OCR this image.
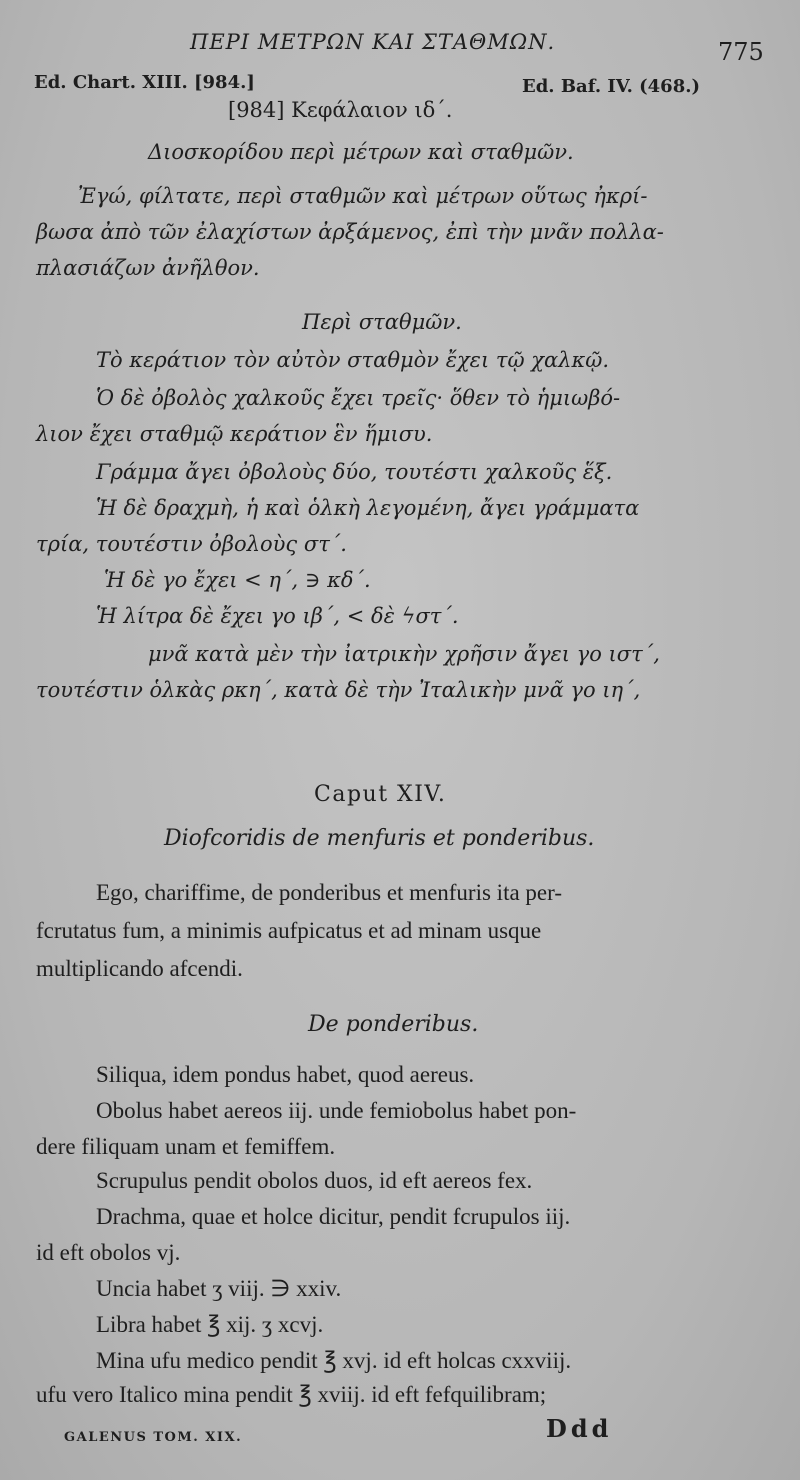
ΠΕΡΙ ΜΕΤΡΩΝ ΚΑΙ ΣΤΑΘΜΩΝ.	775
Ed. Chart. XIII. [984.]	Ed. Baf. IV. (468.)
[984] Κεφάλαιον ιδ΄.
Διοσκορίδου περὶ μέτρων καὶ σταθμῶν.
Ἐγώ, φίλτατε, περὶ σταθμῶν καὶ μέτρων οὕτως ἠκρί-
βωσα ἀπὸ τῶν ἐλαχίστων ἀρξάμενος, ἐπὶ τὴν μνᾶν πολλα-
πλασιάζων ἀνῆλθον.
Περὶ σταθμῶν.
Τὸ κεράτιον τὸν αὐτὸν σταθμὸν ἔχει τῷ χαλκῷ.
Ὁ δὲ ὀβολὸς χαλκοῦς ἔχει τρεῖς· ὅθεν τὸ ἡμιωβό-
λιον ἔχει σταθμῷ κεράτιον ἓν ἥμισυ.
Γράμμα ἄγει ὀβολοὺς δύο, τουτέστι χαλκοῦς ἕξ.
Ἡ δὲ δραχμὴ, ἡ καὶ ὁλκὴ λεγομένη, ἄγει γράμματα
τρία, τουτέστιν ὀβολοὺς στ΄.
Ἡ δὲ γο ἔχει < η΄, ∋ κδ΄.
Ἡ λίτρα δὲ ἔχει γο ιβ΄, < δὲ ϟστ΄.
μνᾶ κατὰ μὲν τὴν ἰατρικὴν χρῆσιν ἄγει γο ιστ΄,
τουτέστιν ὁλκὰς ρκη΄, κατὰ δὲ τὴν Ἰταλικὴν μνᾶ γο ιη΄,
Caput XIV.
Diofcoridis de menfuris et ponderibus.
Ego, chariffime, de ponderibus et menfuris ita per-
fcrutatus fum, a minimis aufpicatus et ad minam usque
multiplicando afcendi.
De ponderibus.
Siliqua, idem pondus habet, quod aereus.
Obolus habet aereos iij. unde femiobolus habet pon-
dere filiquam unam et femiffem.
Scrupulus pendit obolos duos, id eft aereos fex.
Drachma, quae et holce dicitur, pendit fcrupulos iij.
id eft obolos vj.
Uncia habet ʒ viij. ∋ xxiv.
Libra habet ℥ xij. ʒ xcvj.
Mina ufu medico pendit ℥ xvj. id eft holcas cxxviij.
ufu vero Italico mina pendit ℥ xviij. id eft fefquilibram;
GALENUS TOM. XIX.	Ddd
